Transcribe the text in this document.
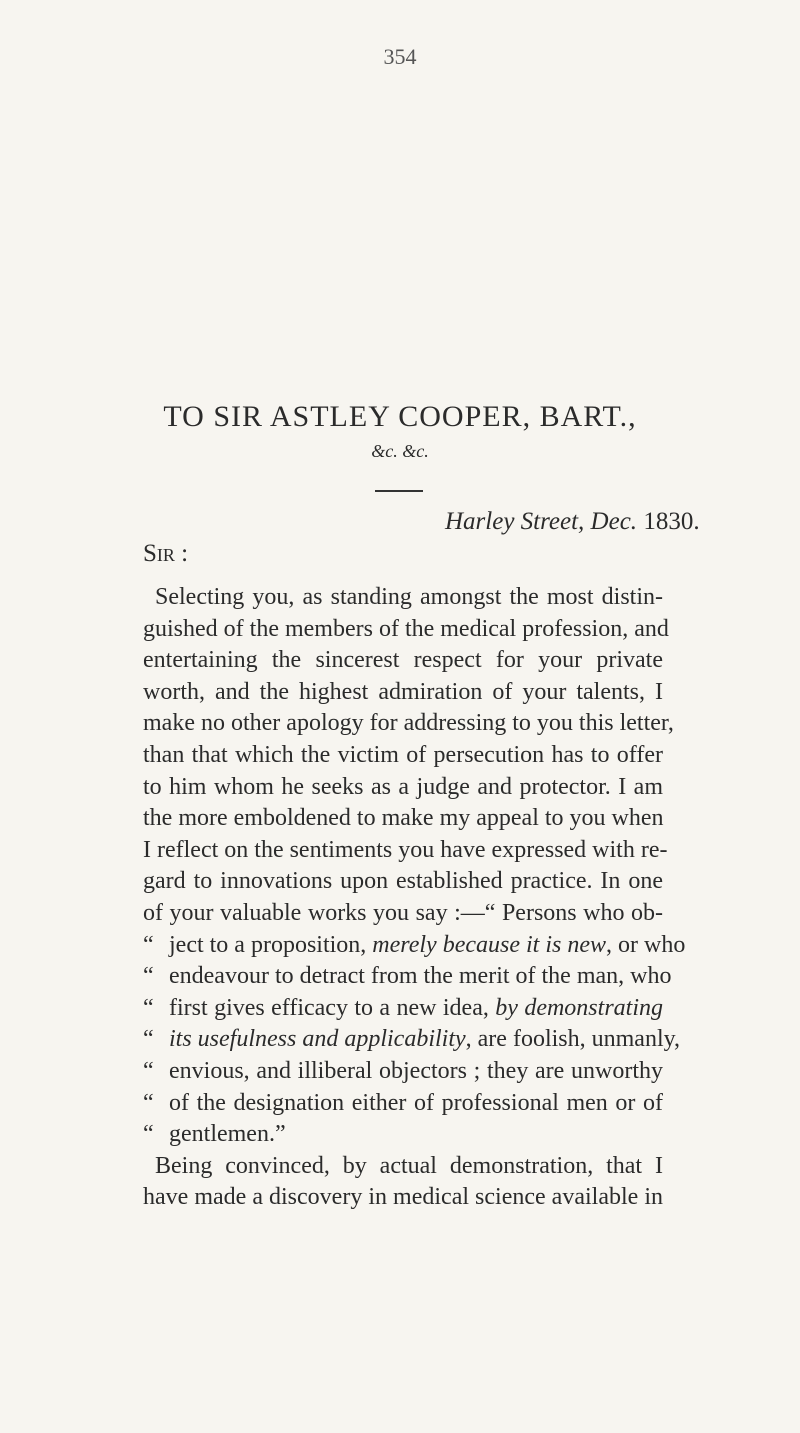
354
TO SIR ASTLEY COOPER, BART.,
&c. &c.
Harley Street, Dec. 1830.
Sir :
Selecting you, as standing amongst the most distin-
guished of the members of the medical profession, and
entertaining the sincerest respect for your private
worth, and the highest admiration of your talents, I
make no other apology for addressing to you this letter,
than that which the victim of persecution has to offer
to him whom he seeks as a judge and protector. I am
the more emboldened to make my appeal to you when
I reflect on the sentiments you have expressed with re-
gard to innovations upon established practice. In one
of your valuable works you say :—“ Persons who ob-
“ ject to a proposition, merely because it is new, or who
“ endeavour to detract from the merit of the man, who
“ first gives efficacy to a new idea, by demonstrating
“ its usefulness and applicability, are foolish, unmanly,
“ envious, and illiberal objectors ; they are unworthy
“ of the designation either of professional men or of
“ gentlemen.”
Being convinced, by actual demonstration, that I
have made a discovery in medical science available in
